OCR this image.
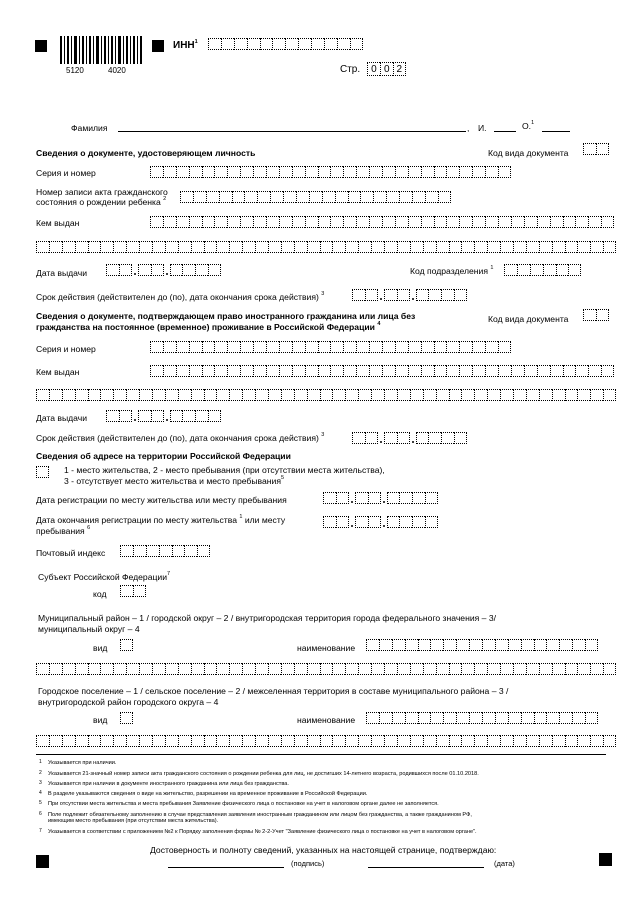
5120	4020
ИНН$^1$
Стр.	0 0 2
Фамилия	, И.	О.$^1$
Сведения о документе, удостоверяющем личность	Код вида документа
Серия и номер
Номер записи акта гражданского
состояния о рождении ребенка $^2$
Кем выдан
Дата выдачи	Код подразделения $^1$
Срок действия (действителен до (по), дата окончания срока действия) $^3$
Сведения о документе, подтверждающем право иностранного гражданина или лица без
гражданства на постоянное (временное) проживание в Российской Федерации $^4$	Код вида документа
Серия и номер
Кем выдан
Дата выдачи
Срок действия (действителен до (по), дата окончания срока действия) $^3$
Сведения об адресе на территории Российской Федерации
1 - место жительства, 2 - место пребывания (при отсутствии места жительства),
3 - отсутствует место жительства и место пребывания$^5$
Дата регистрации по месту жительства или месту пребывания
Дата окончания регистрации по месту жительства $^1$ или месту
пребывания $^6$
Почтовый индекс
Субъект Российской Федерации$^7$
код
Муниципальный район – 1 / городской округ – 2 / внутригородская территория города федерального значения – 3/
муниципальный округ – 4
вид	наименование
Городское поселение – 1 / сельское поселение – 2 / межселенная территория в составе муниципального района – 3 /
внутригородской район городского округа – 4
вид	наименование
$^1$ Указывается при наличии.
$^2$ Указывается 21-значный номер записи акта гражданского состояния о рождении ребенка для лиц, не достигших 14-летнего возраста, родившихся после 01.10.2018.
$^3$ Указывается при наличии в документе иностранного гражданина или лица без гражданства.
$^4$ В разделе указываются сведения о виде на жительство, разрешении на временное проживание в Российской Федерации.
$^5$ При отсутствии места жительства и места пребывания Заявление физического лица о постановке на учет в налоговом органе далее не заполняется.
$^6$ Поле подлежит обязательному заполнению в случае представления заявления иностранным гражданином или лицом без гражданства, а также гражданином РФ,
имеющим место пребывания (при отсутствии места жительства).
$^7$ Указывается в соответствии с приложением №2 к Порядку заполнения формы № 2-2-Учет "Заявление физического лица о постановке на учет в налоговом органе".
Достоверность и полноту сведений, указанных на настоящей странице, подтверждаю:
(подпись)	(дата)
